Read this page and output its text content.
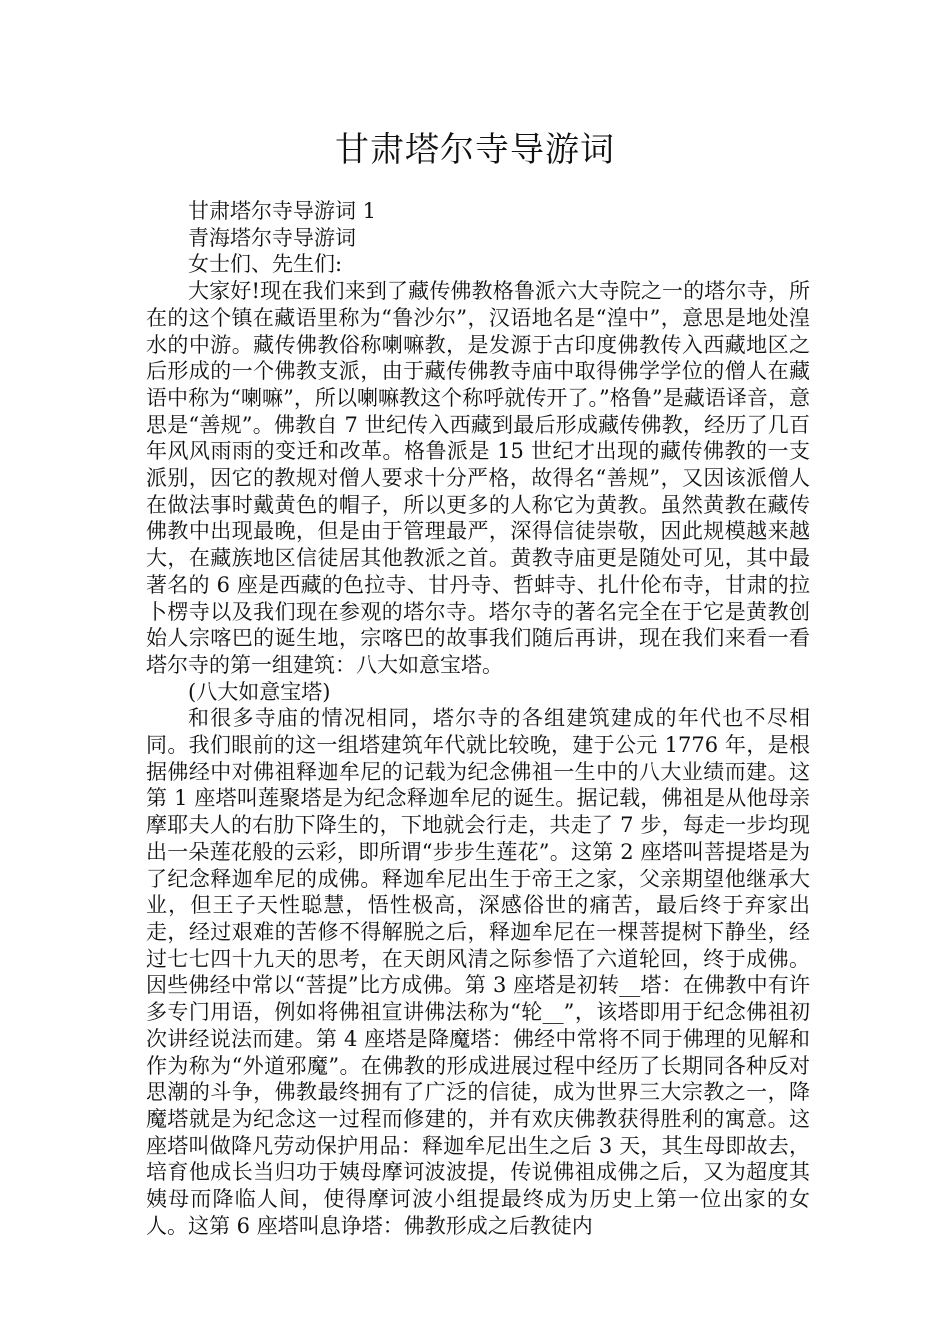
甘肃塔尔寺导游词

甘肃塔尔寺导游词 1

青海塔尔寺导游词

女士们、先生们:

大家好!现在我们来到了藏传佛教格鲁派六大寺院之一的塔尔寺，所在的这个镇在藏语里称为“鲁沙尔”，汉语地名是“湟中”，意思是地处湟水的中游。藏传佛教俗称喇嘛教，是发源于古印度佛教传入西藏地区之后形成的一个佛教支派，由于藏传佛教寺庙中取得佛学学位的僧人在藏语中称为“喇嘛”，所以喇嘛教这个称呼就传开了。”格鲁”是藏语译音，意思是“善规”。佛教自 7 世纪传入西藏到最后形成藏传佛教，经历了几百年风风雨雨的变迁和改革。格鲁派是 15 世纪才出现的藏传佛教的一支派别，因它的教规对僧人要求十分严格，故得名“善规”，又因该派僧人在做法事时戴黄色的帽子，所以更多的人称它为黄教。虽然黄教在藏传佛教中出现最晚，但是由于管理最严，深得信徒崇敬，因此规模越来越大，在藏族地区信徒居其他教派之首。黄教寺庙更是随处可见，其中最著名的 6 座是西藏的色拉寺、甘丹寺、哲蚌寺、扎什伦布寺，甘肃的拉卜楞寺以及我们现在参观的塔尔寺。塔尔寺的著名完全在于它是黄教创始人宗喀巴的诞生地，宗喀巴的故事我们随后再讲，现在我们来看一看塔尔寺的第一组建筑：八大如意宝塔。

(八大如意宝塔)

和很多寺庙的情况相同，塔尔寺的各组建筑建成的年代也不尽相同。我们眼前的这一组塔建筑年代就比较晚，建于公元 1776 年，是根据佛经中对佛祖释迦牟尼的记载为纪念佛祖一生中的八大业绩而建。这第 1 座塔叫莲聚塔是为纪念释迦牟尼的诞生。据记载，佛祖是从他母亲摩耶夫人的右肋下降生的，下地就会行走，共走了 7 步，每走一步均现出一朵莲花般的云彩，即所谓“步步生莲花”。这第 2 座塔叫菩提塔是为了纪念释迦牟尼的成佛。释迦牟尼出生于帝王之家，父亲期望他继承大业，但王子天性聪慧，悟性极高，深感俗世的痛苦，最后终于弃家出走，经过艰难的苦修不得解脱之后，释迦牟尼在一棵菩提树下静坐，经过七七四十九天的思考，在天朗风清之际参悟了六道轮回，终于成佛。因些佛经中常以“菩提”比方成佛。第 3 座塔是初转__塔：在佛教中有许多专门用语，例如将佛祖宣讲佛法称为“轮__”，该塔即用于纪念佛祖初次讲经说法而建。第 4 座塔是降魔塔：佛经中常将不同于佛理的见解和作为称为“外道邪魔”。在佛教的形成进展过程中经历了长期同各种反对思潮的斗争，佛教最终拥有了广泛的信徒，成为世界三大宗教之一，降魔塔就是为纪念这一过程而修建的，并有欢庆佛教获得胜利的寓意。这座塔叫做降凡劳动保护用品：释迦牟尼出生之后 3 天，其生母即故去，培育他成长当归功于姨母摩诃波波提，传说佛祖成佛之后，又为超度其姨母而降临人间，使得摩诃波小组提最终成为历史上第一位出家的女人。这第 6 座塔叫息诤塔：佛教形成之后教徒内
